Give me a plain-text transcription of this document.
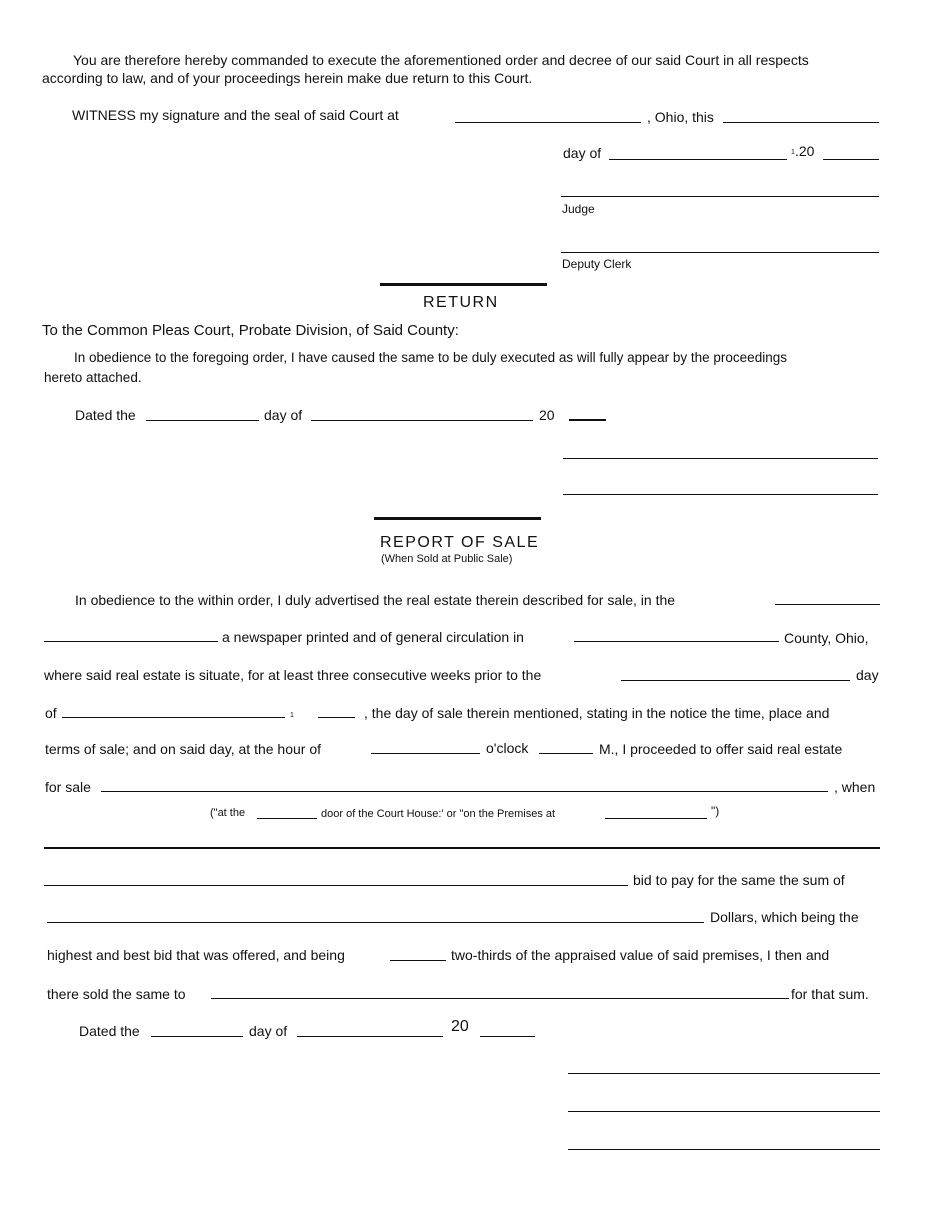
You are therefore hereby commanded to execute the aforementioned order and decree of our said Court in all respects
according to law, and of your proceedings herein make due return to this Court.
WITNESS my signature and the seal of said Court at	, Ohio, this
day of	1 .20
Judge
Deputy Clerk
RETURN
To the Common Pleas Court, Probate Division, of Said County:
In obedience to the foregoing order, I have caused the same to be duly executed as will fully appear by the proceedings
hereto attached.
Dated the	day of	20
REPORT OF SALE
(When Sold at Public Sale)
In obedience to the within order, I duly advertised the real estate therein described for sale, in the
a newspaper printed and of general circulation in	County, Ohio,
where said real estate is situate, for at least three consecutive weeks prior to the	day
of	1	, the day of sale therein mentioned, stating in the notice the time, place and
terms of sale; and on said day, at the hour of	o'clock	M., I proceeded to offer said real estate
for sale	, when
("at the	door of the Court House:' or "on the Premises at	")
bid to pay for the same the sum of
Dollars, which being the
highest and best bid that was offered, and being	two-thirds of the appraised value of said premises, I then and
there sold the same to	for that sum.
Dated the	day of	20
